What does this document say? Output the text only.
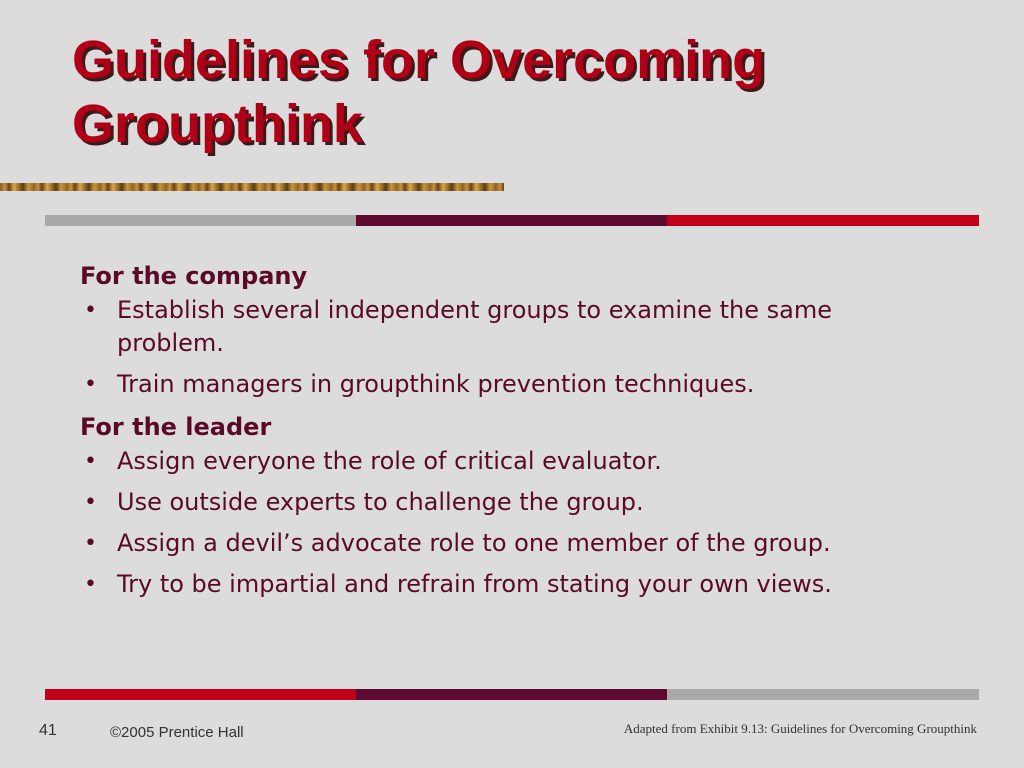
Guidelines for Overcoming
Groupthink

For the company

• Establish several independent groups to examine the same problem.
• Train managers in groupthink prevention techniques.

For the leader

• Assign everyone the role of critical evaluator.
• Use outside experts to challenge the group.
• Assign a devil’s advocate role to one member of the group.
• Try to be impartial and refrain from stating your own views.
41	©2005 Prentice Hall	Adapted from Exhibit 9.13: Guidelines for Overcoming Groupthink
